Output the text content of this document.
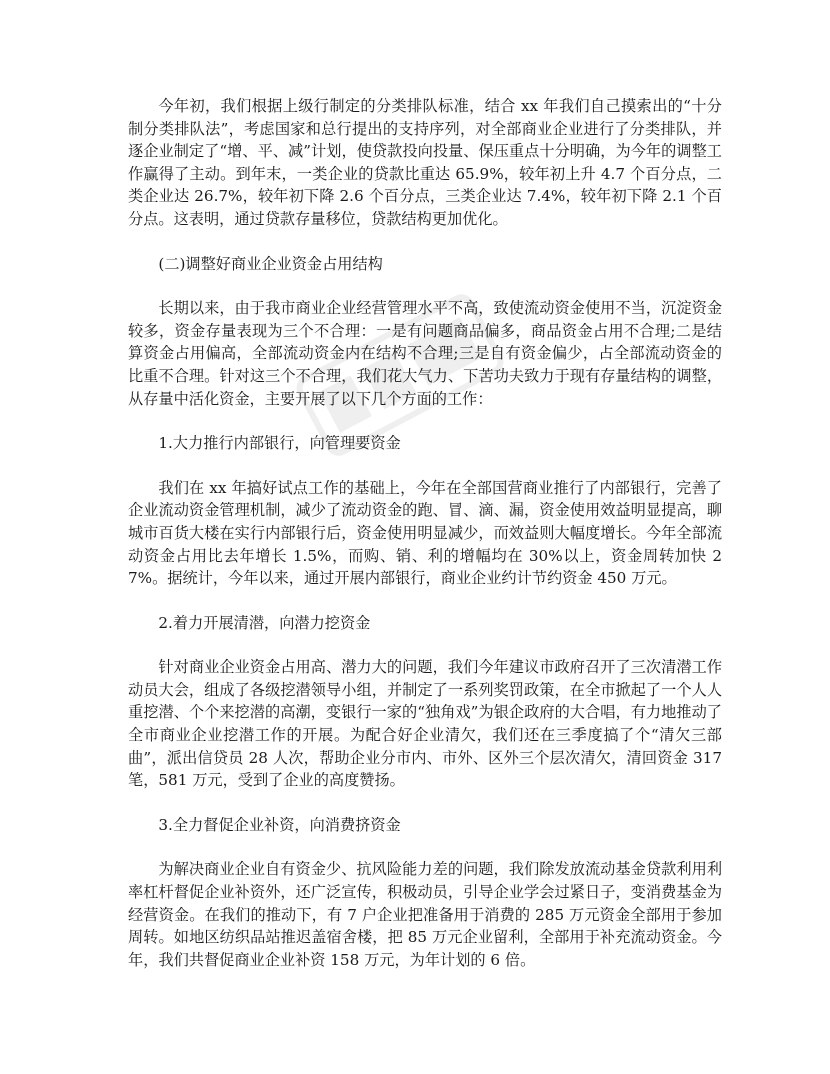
今年初，我们根据上级行制定的分类排队标准，结合 xx 年我们自己摸索出的“十分制分类排队法”，考虑国家和总行提出的支持序列，对全部商业企业进行了分类排队，并逐企业制定了“增、平、减”计划，使贷款投向投量、保压重点十分明确，为今年的调整工作赢得了主动。到年末，一类企业的贷款比重达 65.9%，较年初上升 4.7 个百分点，二类企业达 26.7%，较年初下降 2.6 个百分点，三类企业达 7.4%，较年初下降 2.1 个百分点。这表明，通过贷款存量移位，贷款结构更加优化。

(二)调整好商业企业资金占用结构

长期以来，由于我市商业企业经营管理水平不高，致使流动资金使用不当，沉淀资金较多，资金存量表现为三个不合理：一是有问题商品偏多，商品资金占用不合理;二是结算资金占用偏高，全部流动资金内在结构不合理;三是自有资金偏少，占全部流动资金的比重不合理。针对这三个不合理，我们花大气力、下苦功夫致力于现有存量结构的调整，从存量中活化资金，主要开展了以下几个方面的工作：

1.大力推行内部银行，向管理要资金

我们在 xx 年搞好试点工作的基础上，今年在全部国营商业推行了内部银行，完善了企业流动资金管理机制，减少了流动资金的跑、冒、滴、漏，资金使用效益明显提高，聊城市百货大楼在实行内部银行后，资金使用明显减少，而效益则大幅度增长。今年全部流动资金占用比去年增长 1.5%，而购、销、利的增幅均在 30%以上，资金周转加快 27%。据统计，今年以来，通过开展内部银行，商业企业约计节约资金 450 万元。

2.着力开展清潜，向潜力挖资金

针对商业企业资金占用高、潜力大的问题，我们今年建议市政府召开了三次清潜工作动员大会，组成了各级挖潜领导小组，并制定了一系列奖罚政策，在全市掀起了一个人人重挖潜、个个来挖潜的高潮，变银行一家的“独角戏”为银企政府的大合唱，有力地推动了全市商业企业挖潜工作的开展。为配合好企业清欠，我们还在三季度搞了个“清欠三部曲”，派出信贷员 28 人次，帮助企业分市内、市外、区外三个层次清欠，清回资金 317 笔，581 万元，受到了企业的高度赞扬。

3.全力督促企业补资，向消费挤资金

为解决商业企业自有资金少、抗风险能力差的问题，我们除发放流动基金贷款利用利率杠杆督促企业补资外，还广泛宣传，积极动员，引导企业学会过紧日子，变消费基金为经营资金。在我们的推动下，有 7 户企业把准备用于消费的 285 万元资金全部用于参加周转。如地区纺织品站推迟盖宿舍楼，把 85 万元企业留利，全部用于补充流动资金。今年，我们共督促商业企业补资 158 万元，为年计划的 6 倍。
